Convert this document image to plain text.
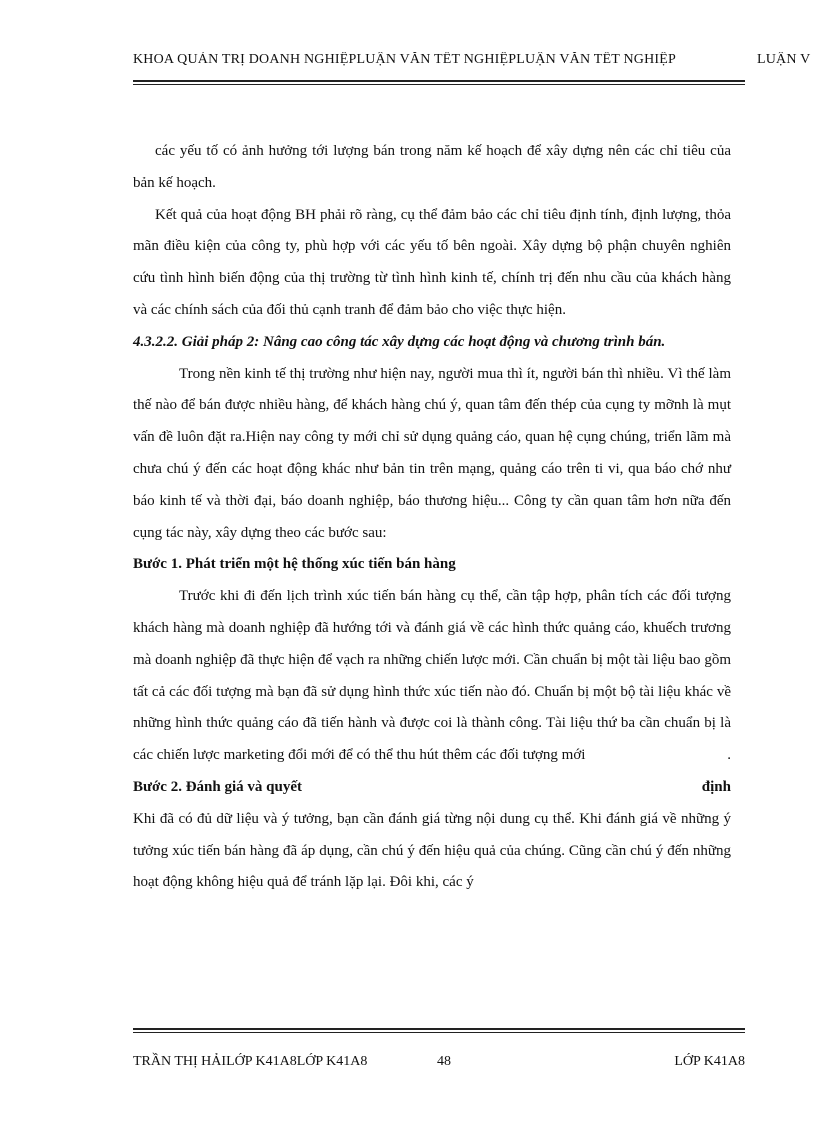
KHOA QUẢN TRỊ DOANH NGHIỆPLUẬN VĂN TẾT NGHIỆPLUẬN VĂN TẾT NGHIỆP	LUẬN V

các yếu tố có ảnh hưởng tới lượng bán trong năm kế hoạch để xây dựng nên các chỉ tiêu của bản kế hoạch.

Kết quả của hoạt động BH phải rõ ràng, cụ thể đảm bảo các chỉ tiêu định tính, định lượng, thỏa mãn điều kiện của công ty, phù hợp với các yếu tố bên ngoài. Xây dựng bộ phận chuyên nghiên cứu tình hình biến động của thị trường từ tình hình kinh tế, chính trị đến nhu cầu của khách hàng và các chính sách của đối thủ cạnh tranh để đảm bảo cho việc thực hiện.

4.3.2.2. Giải pháp 2: Nâng cao công tác xây dựng các hoạt động và chương trình bán.

Trong nền kinh tế thị trường như hiện nay, người mua thì ít, người bán thì nhiều. Vì thế làm thế nào để bán được nhiều hàng, để khách hàng chú ý, quan tâm đến thép của cụng ty mỡnh là mụt vấn đề luôn đặt ra.Hiện nay công ty mới chỉ sử dụng quảng cáo, quan hệ cụng chúng, triển lãm mà chưa chú ý đến các hoạt động khác như bản tin trên mạng, quảng cáo trên ti vi, qua báo chớ như báo kinh tế và thời đại, báo doanh nghiệp, báo thương hiệu... Công ty cần quan tâm hơn nữa đến cụng tác này, xây dựng theo các bước sau:

Bước 1. Phát triển một hệ thống xúc tiến bán hàng

Trước khi đi đến lịch trình xúc tiến bán hàng cụ thể, cần tập hợp, phân tích các đối tượng khách hàng mà doanh nghiệp đã hướng tới và đánh giá về các hình thức quảng cáo, khuếch trương mà doanh nghiệp đã thực hiện để vạch ra những chiến lược mới. Cần chuẩn bị một tài liệu bao gồm tất cả các đối tượng mà bạn đã sử dụng hình thức xúc tiến nào đó. Chuẩn bị một bộ tài liệu khác về những hình thức quảng cáo đã tiến hành và được coi là thành công. Tài liệu thứ ba cần chuẩn bị là các chiến lược marketing đổi mới để có thể thu hút thêm các đối tượng mới	.

Bước 2. Đánh giá và quyết	định

Khi đã có đủ dữ liệu và ý tưởng, bạn cần đánh giá từng nội dung cụ thể. Khi đánh giá về những ý tưởng xúc tiến bán hàng đã áp dụng, cần chú ý đến hiệu quả của chúng. Cũng cần chú ý đến những hoạt động không hiệu quả để tránh lặp lại. Đôi khi, các ý

TRẦN THỊ HẢILỚP K41A8LỚP K41A8	48	LỚP K41A8
